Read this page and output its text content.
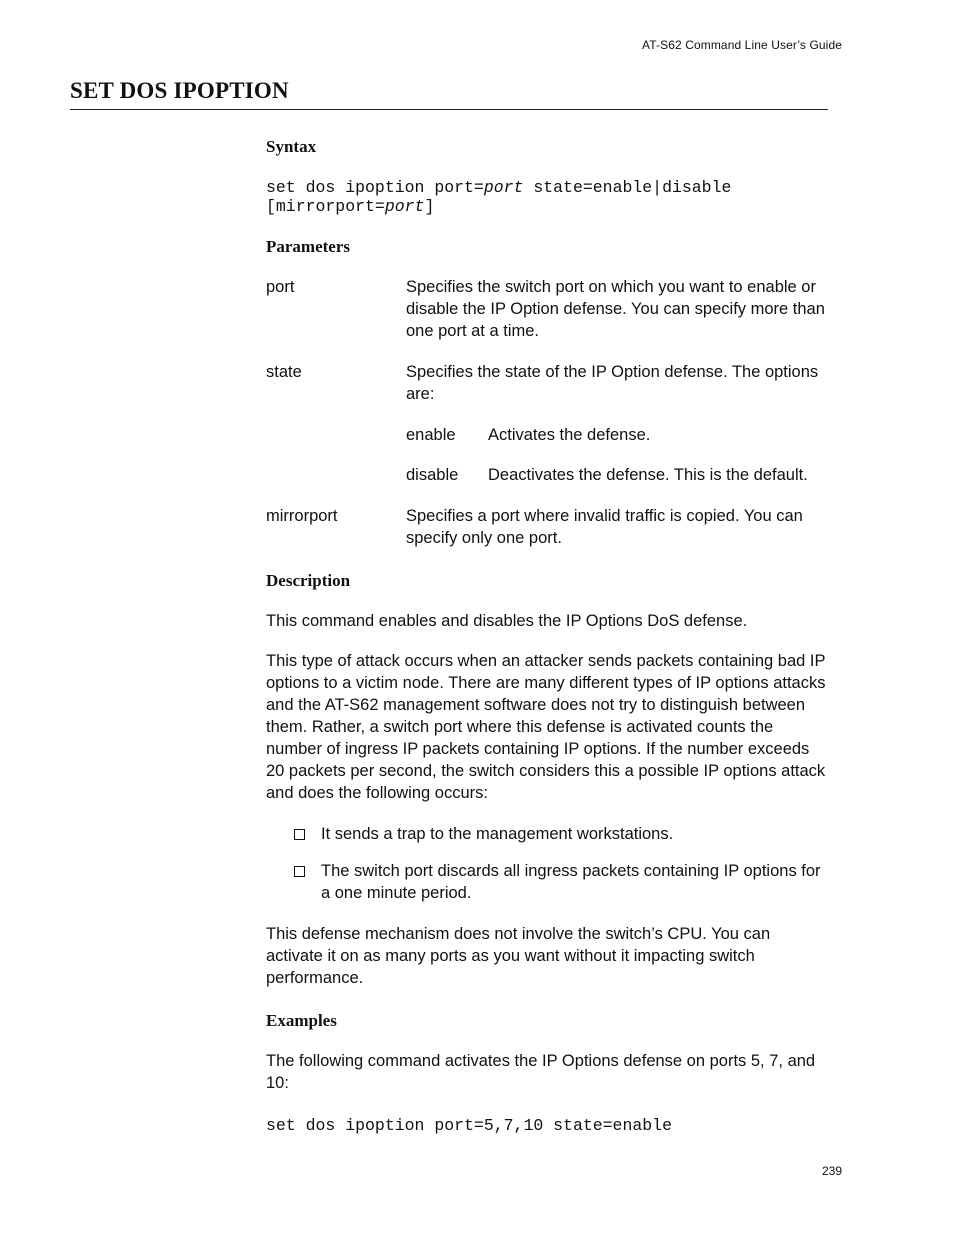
AT-S62 Command Line User’s Guide
SET DOS IPOPTION
Syntax

set dos ipoption port=port state=enable|disable
[mirrorport=port]

Parameters
port	Specifies the switch port on which you want to enable or disable the IP Option defense. You can specify more than one port at a time.
state	Specifies the state of the IP Option defense. The options are:
enable	Activates the defense.
disable	Deactivates the defense. This is the default.
mirrorport	Specifies a port where invalid traffic is copied. You can specify only one port.
Description

This command enables and disables the IP Options DoS defense.

This type of attack occurs when an attacker sends packets containing bad IP options to a victim node. There are many different types of IP options attacks and the AT-S62 management software does not try to distinguish between them. Rather, a switch port where this defense is activated counts the number of ingress IP packets containing IP options. If the number exceeds 20 packets per second, the switch considers this a possible IP options attack and does the following occurs:

It sends a trap to the management workstations.
The switch port discards all ingress packets containing IP options for a one minute period.

This defense mechanism does not involve the switch’s CPU. You can activate it on as many ports as you want without it impacting switch performance.

Examples

The following command activates the IP Options defense on ports 5, 7, and 10:

set dos ipoption port=5,7,10 state=enable

239
